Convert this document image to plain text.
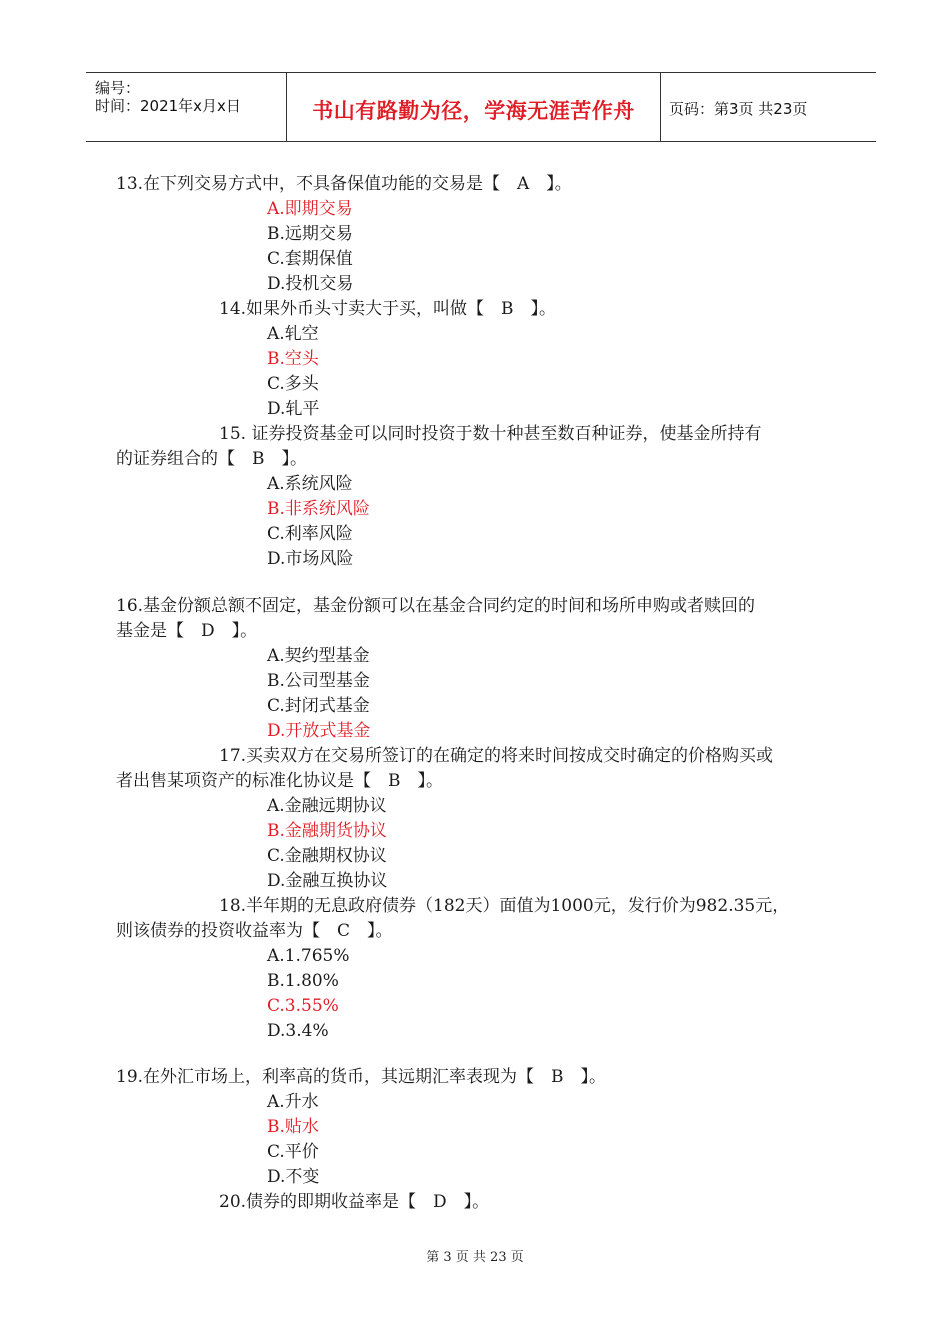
编号：
时间：2021年x月x日	书山有路勤为径，学海无涯苦作舟	页码：第3页 共23页
13.在下列交易方式中，不具备保值功能的交易是【　A　】。
A.即期交易
B.远期交易
C.套期保值
D.投机交易
14.如果外币头寸卖大于买，叫做【　B　】。
A.轧空
B.空头
C.多头
D.轧平
15. 证券投资基金可以同时投资于数十种甚至数百种证券，使基金所持有
的证券组合的【　B　】。
A.系统风险
B.非系统风险
C.利率风险
D.市场风险
16.基金份额总额不固定，基金份额可以在基金合同约定的时间和场所申购或者赎回的
基金是【　D　】。
A.契约型基金
B.公司型基金
C.封闭式基金
D.开放式基金
17.买卖双方在交易所签订的在确定的将来时间按成交时确定的价格购买或
者出售某项资产的标准化协议是【　B　】。
A.金融远期协议
B.金融期货协议
C.金融期权协议
D.金融互换协议
18.半年期的无息政府债券（182天）面值为1000元，发行价为982.35元，
则该债券的投资收益率为【　C　】。
A.1.765%
B.1.80%
C.3.55%
D.3.4%
19.在外汇市场上，利率高的货币，其远期汇率表现为【　B　】。
A.升水
B.贴水
C.平价
D.不变
20.债券的即期收益率是【　D　】。
第 3 页 共 23 页
